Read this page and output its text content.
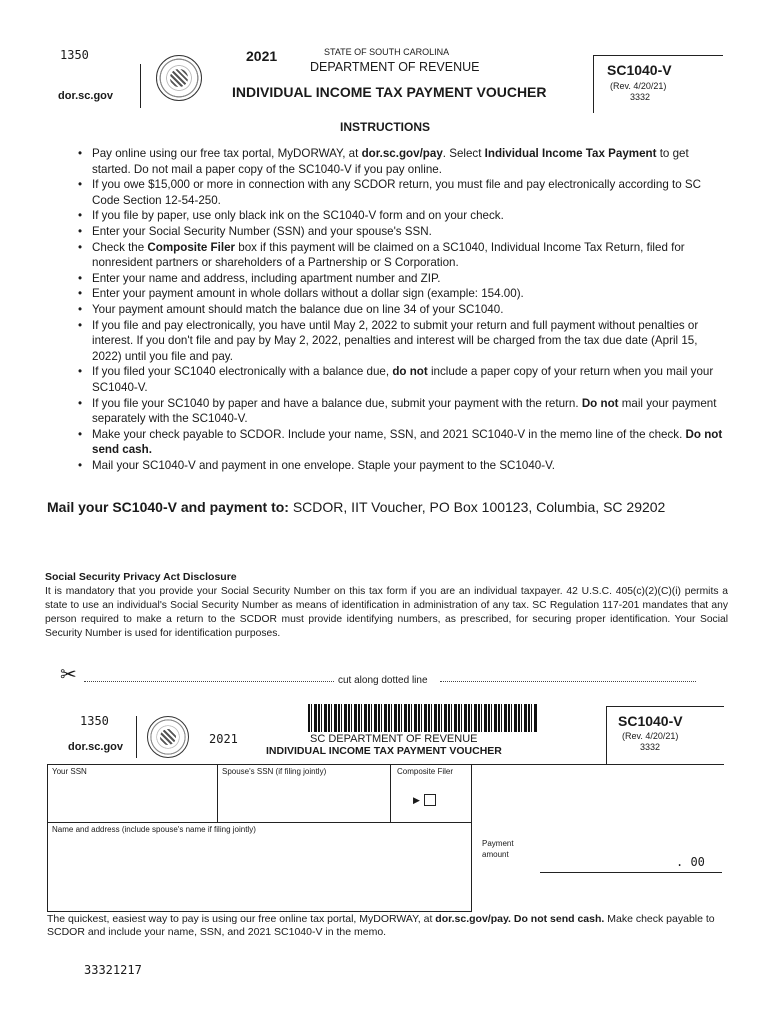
1350
dor.sc.gov
2021	STATE OF SOUTH CAROLINA
DEPARTMENT OF REVENUE
INDIVIDUAL INCOME TAX PAYMENT VOUCHER
SC1040-V
(Rev. 4/20/21)
3332
INSTRUCTIONS
• Pay online using our free tax portal, MyDORWAY, at dor.sc.gov/pay. Select Individual Income Tax Payment to get started. Do not mail a paper copy of the SC1040-V if you pay online.
• If you owe $15,000 or more in connection with any SCDOR return, you must file and pay electronically according to SC Code Section 12-54-250.
• If you file by paper, use only black ink on the SC1040-V form and on your check.
• Enter your Social Security Number (SSN) and your spouse's SSN.
• Check the Composite Filer box if this payment will be claimed on a SC1040, Individual Income Tax Return, filed for nonresident partners or shareholders of a Partnership or S Corporation.
• Enter your name and address, including apartment number and ZIP.
• Enter your payment amount in whole dollars without a dollar sign (example: 154.00).
• Your payment amount should match the balance due on line 34 of your SC1040.
• If you file and pay electronically, you have until May 2, 2022 to submit your return and full payment without penalties or interest. If you don't file and pay by May 2, 2022, penalties and interest will be charged from the tax due date (April 15, 2022) until you file and pay.
• If you filed your SC1040 electronically with a balance due, do not include a paper copy of your return when you mail your SC1040-V.
• If you file your SC1040 by paper and have a balance due, submit your payment with the return. Do not mail your payment separately with the SC1040-V.
• Make your check payable to SCDOR. Include your name, SSN, and 2021 SC1040-V in the memo line of the check. Do not send cash.
• Mail your SC1040-V and payment in one envelope. Staple your payment to the SC1040-V.
Mail your SC1040-V and payment to: SCDOR, IIT Voucher, PO Box 100123, Columbia, SC 29202
Social Security Privacy Act Disclosure
It is mandatory that you provide your Social Security Number on this tax form if you are an individual taxpayer. 42 U.S.C. 405(c)(2)(C)(i) permits a state to use an individual's Social Security Number as means of identification in administration of any tax. SC Regulation 117-201 mandates that any person required to make a return to the SCDOR must provide identifying numbers, as prescribed, for securing proper identification. Your Social Security Number is used for identification purposes.
✂	cut along dotted line
1350
dor.sc.gov
2021	SC DEPARTMENT OF REVENUE
INDIVIDUAL INCOME TAX PAYMENT VOUCHER
SC1040-V
(Rev. 4/20/21)
3332
Your SSN	Spouse's SSN (if filing jointly)	Composite Filer
▶
Name and address (include spouse's name if filing jointly)
Payment
amount
. 00
The quickest, easiest way to pay is using our free online tax portal, MyDORWAY, at dor.sc.gov/pay. Do not send cash. Make check payable to SCDOR and include your name, SSN, and 2021 SC1040-V in the memo.
33321217
